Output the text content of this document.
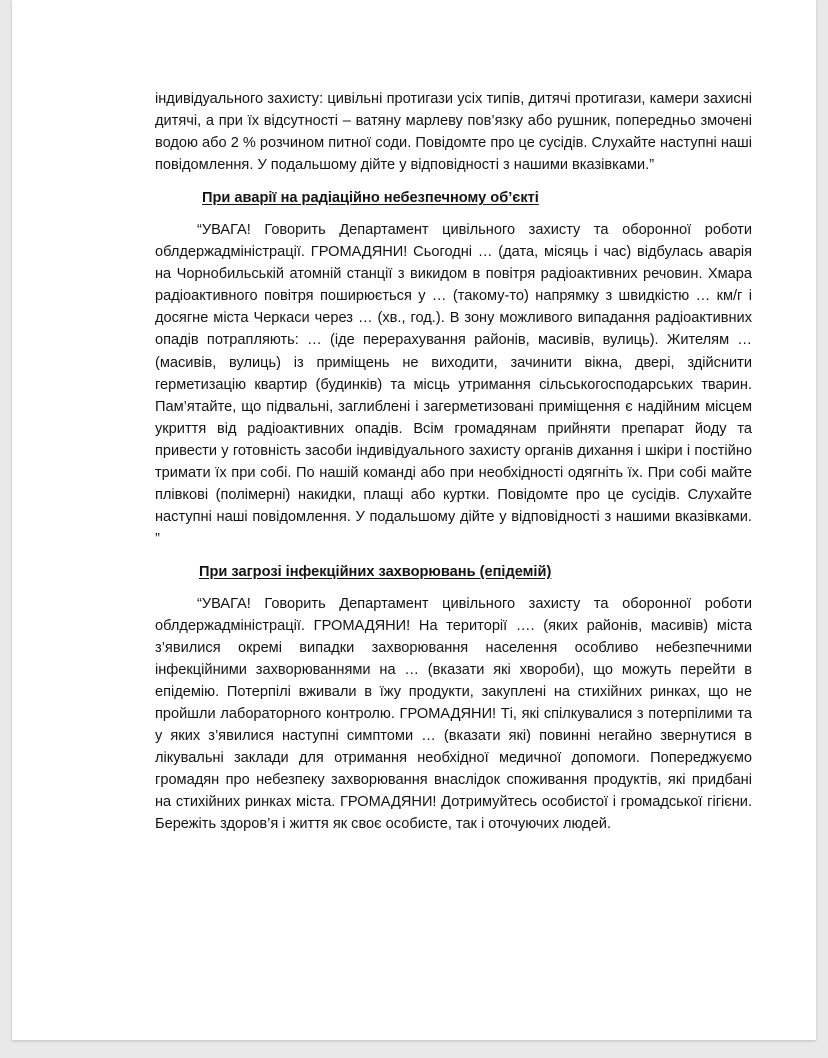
індивідуального захисту: цивільні протигази усіх типів, дитячі протигази, камери захисні дитячі, а при їх відсутності – ватяну марлеву пов’язку або рушник, попередньо змочені водою або 2 % розчином питної соди. Повідомте про це сусідів. Слухайте наступні наші повідомлення. У подальшому дійте у відповідності з нашими вказівками.”

При аварії на радіаційно небезпечному об’єкті

“УВАГА! Говорить Департамент цивільного захисту та оборонної роботи облдержадміністрації. ГРОМАДЯНИ! Сьогодні … (дата, місяць і час) відбулась аварія на Чорнобильській атомній станції з викидом в повітря радіоактивних речовин. Хмара радіоактивного повітря поширюється у … (такому-то) напрямку з швидкістю … км/г і досягне міста Черкаси через … (хв., год.). В зону можливого випадання радіоактивних опадів потрапляють: … (іде перерахування районів, масивів, вулиць). Жителям … (масивів, вулиць) із приміщень не виходити, зачинити вікна, двері, здійснити герметизацію квартир (будинків) та місць утримання сільськогосподарських тварин. Пам’ятайте, що підвальні, заглиблені і загерметизовані приміщення є надійним місцем укриття від радіоактивних опадів. Всім громадянам прийняти препарат йоду та привести у готовність засоби індивідуального захисту органів дихання і шкіри і постійно тримати їх при собі. По нашій команді або при необхідності одягніть їх. При собі майте плівкові (полімерні) накидки, плащі або куртки. Повідомте про це сусідів. Слухайте наступні наші повідомлення. У подальшому дійте у відповідності з нашими вказівками. ”

При загрозі інфекційних захворювань (епідемій)

“УВАГА! Говорить Департамент цивільного захисту та оборонної роботи облдержадміністрації. ГРОМАДЯНИ! На території …. (яких районів, масивів) міста з’явилися окремі випадки захворювання населення особливо небезпечними інфекційними захворюваннями на … (вказати які хвороби), що можуть перейти в епідемію. Потерпілі вживали в їжу продукти, закуплені на стихійних ринках, що не пройшли лабораторного контролю. ГРОМАДЯНИ! Ті, які спілкувалися з потерпілими та у яких з’явилися наступні симптоми … (вказати які) повинні негайно звернутися в лікувальні заклади для отримання необхідної медичної допомоги. Попереджуємо громадян про небезпеку захворювання внаслідок споживання продуктів, які придбані на стихійних ринках міста. ГРОМАДЯНИ! Дотримуйтесь особистої і громадської гігієни. Бережіть здоров’я і життя як своє особисте, так і оточуючих людей.
